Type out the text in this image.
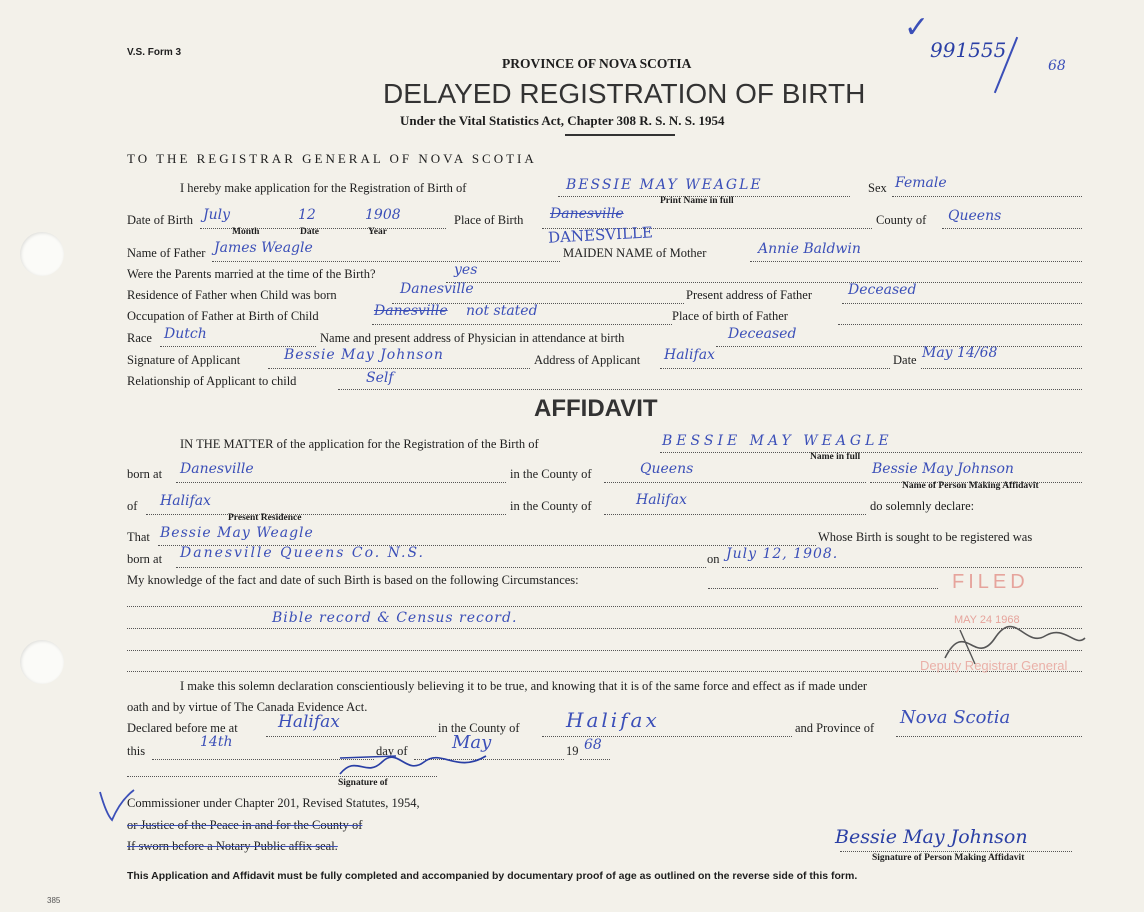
V.S. Form 3
PROVINCE OF NOVA SCOTIA
DELAYED REGISTRATION OF BIRTH
Under the Vital Statistics Act, Chapter 308 R. S. N. S. 1954
991555
68
✓
TO THE REGISTRAR GENERAL OF NOVA SCOTIA
I hereby make application for the Registration of Birth of	BESSIE MAY WEAGLE
Print Name in full
Sex Female
Date of Birth July	12	1908
Month	Date	Year
Place of Birth Danesville
DANESVILLE
County of Queens
Name of Father James Weagle	MAIDEN NAME of Mother	Annie Baldwin
Were the Parents married at the time of the Birth?	yes
Residence of Father when Child was born	Danesville	Present address of Father	Deceased
Occupation of Father at Birth of Child	Danesville not stated	Place of birth of Father
Race Dutch	Name and present address of Physician in attendance at birth	Deceased
Signature of Applicant	Bessie May Johnson	Address of Applicant Halifax	Date May 14/68
Relationship of Applicant to child	Self
AFFIDAVIT
IN THE MATTER of the application for the Registration of the Birth of	BESSIE MAY WEAGLE
Name in full
born at Danesville	in the County of	Queens	Bessie May Johnson
Name of Person Making Affidavit
of Halifax
Present Residence
in the County of	Halifax	do solemnly declare:
That Bessie May Weagle	Whose Birth is sought to be registered was
born at Danesville Queens Co. N.S.	on July 12, 1908.
My knowledge of the fact and date of such Birth is based on the following Circumstances:
Bible record & Census record.
FILED
MAY 24 1968
Deputy Registrar General
I make this solemn declaration conscientiously believing it to be true, and knowing that it is of the same force and effect as if made under
oath and by virtue of The Canada Evidence Act.
Declared before me at Halifax	in the County of Halifax	and Province of Nova Scotia
this
14th
day of May	19 68
Signature of
Commissioner under Chapter 201, Revised Statutes, 1954,
or Justice of the Peace in and for the County of
If sworn before a Notary Public affix seal.	Bessie May Johnson
Signature of Person Making Affidavit
This Application and Affidavit must be fully completed and accompanied by documentary proof of age as outlined on the reverse side of this form.
385
